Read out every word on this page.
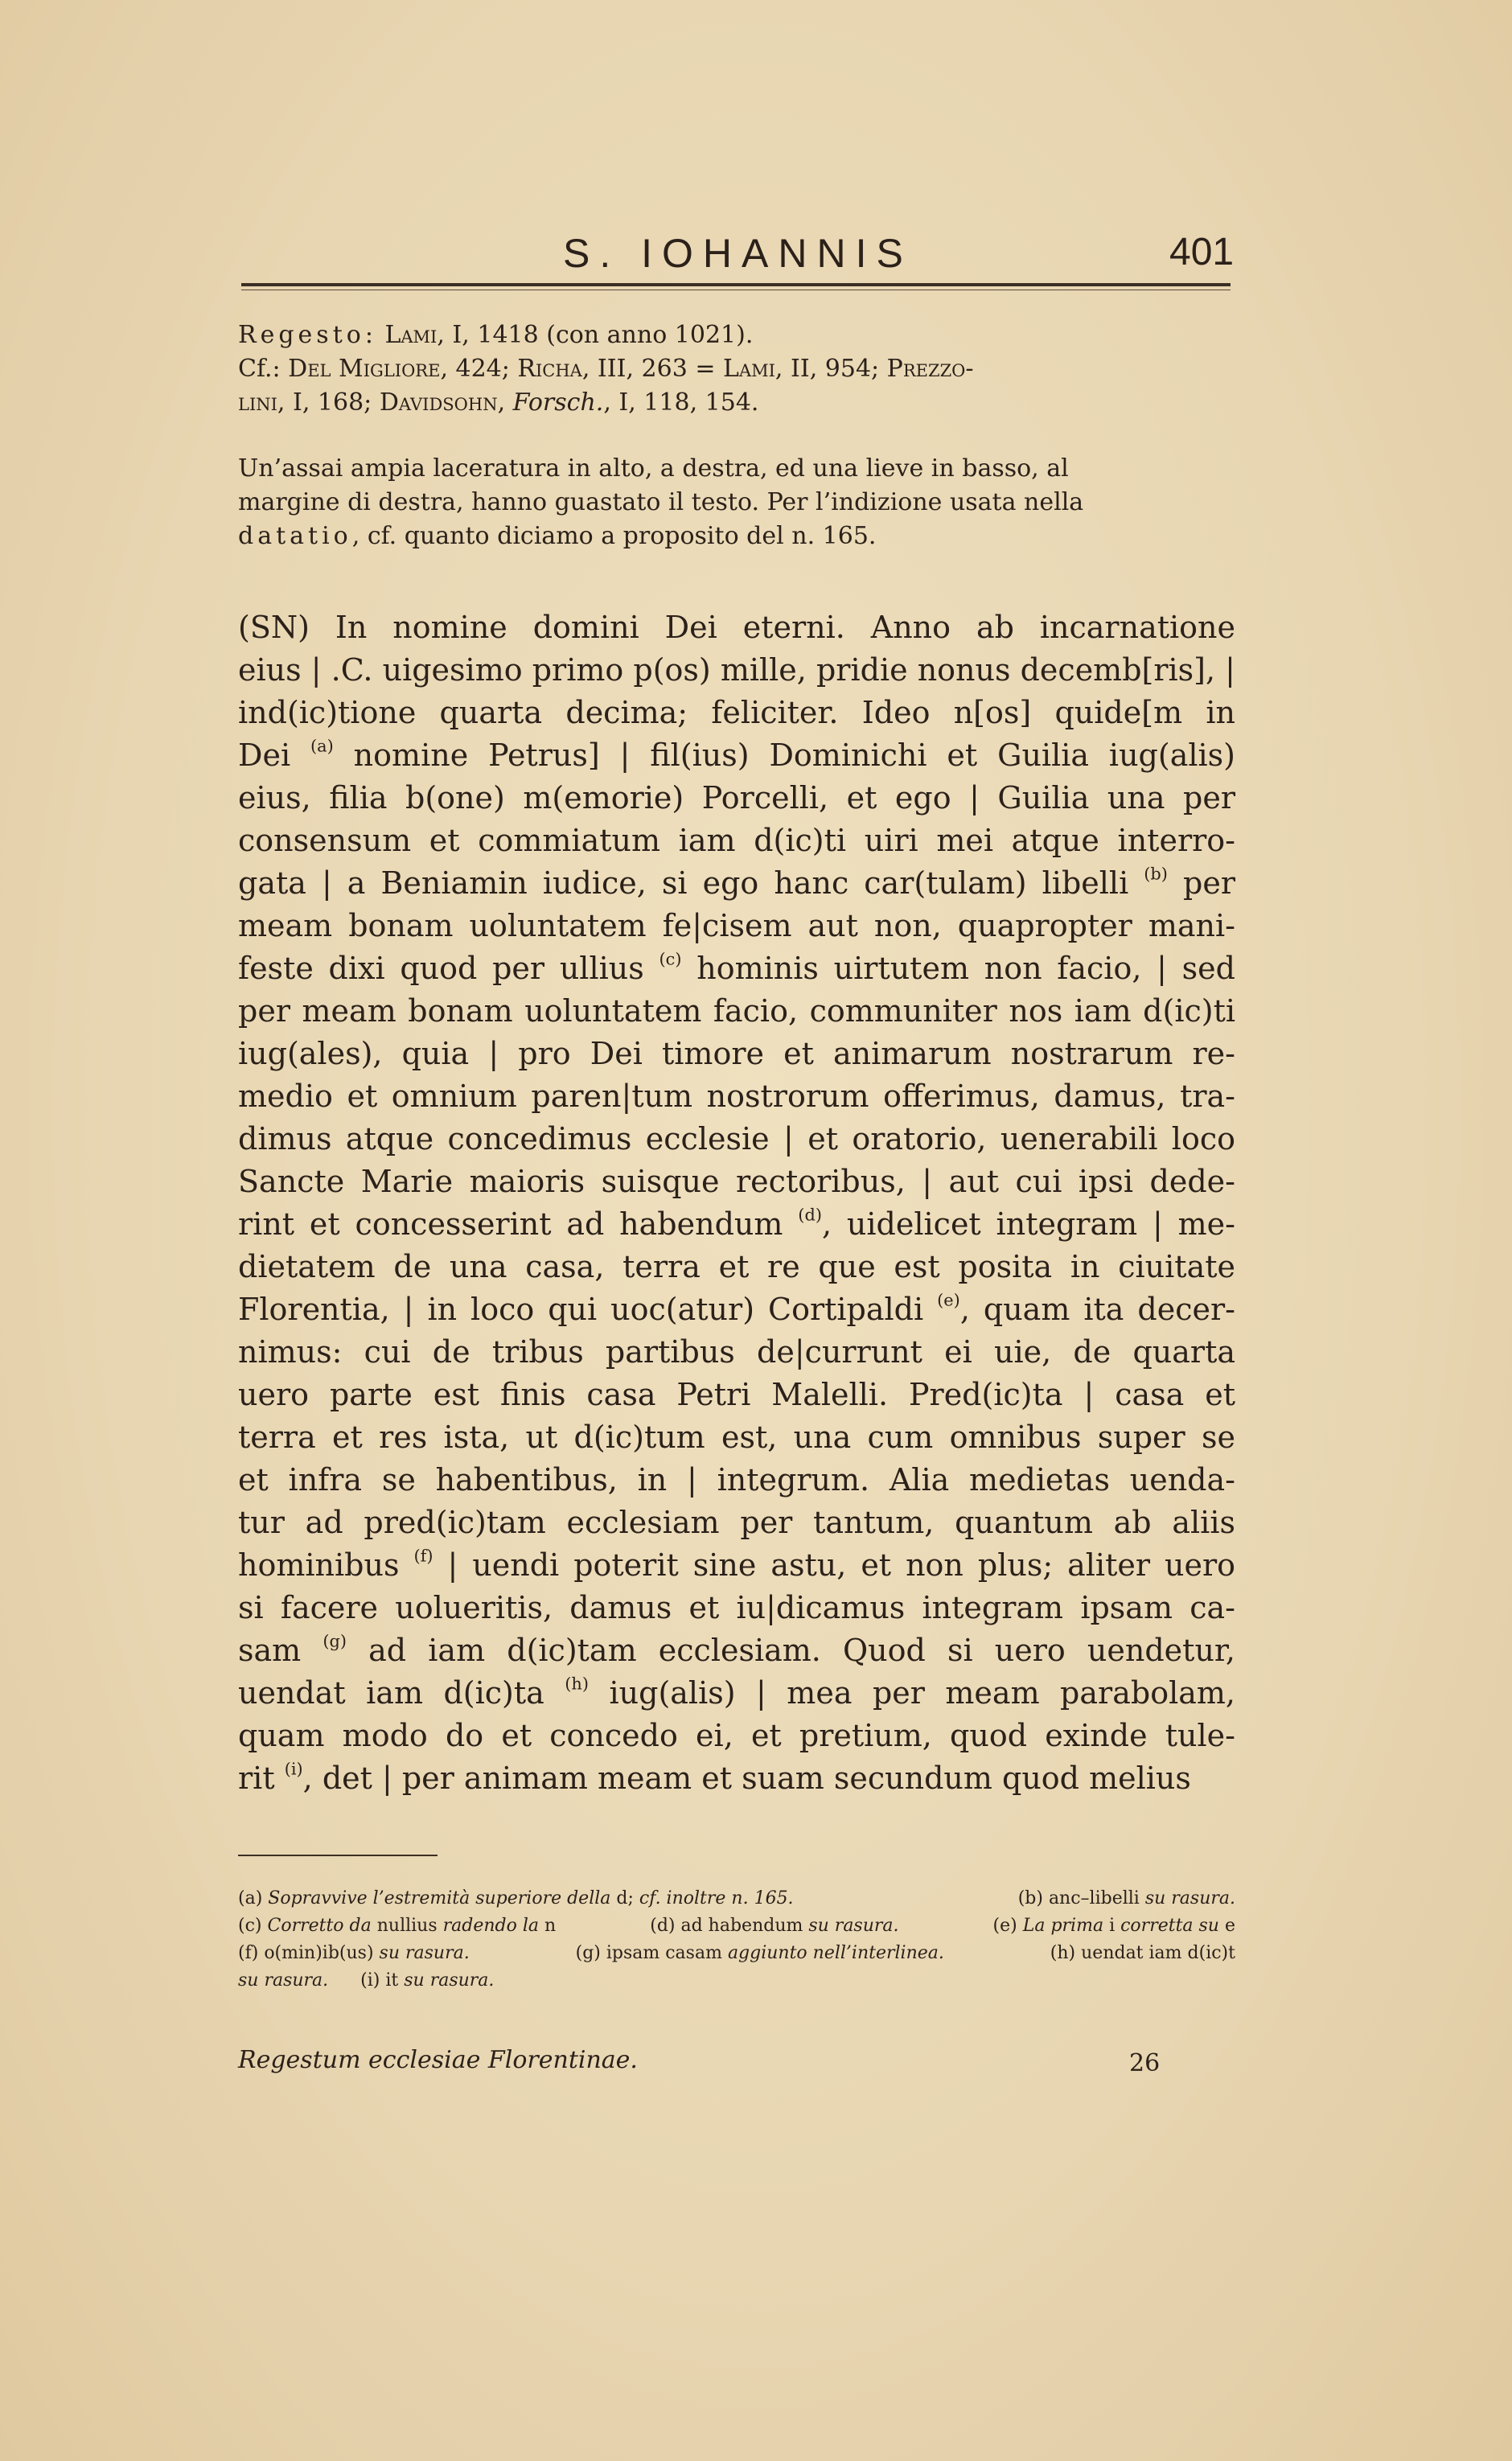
S. IOHANNIS	401
Regesto: Lami, I, 1418 (con anno 1021).
Cf.: Del Migliore, 424; Richa, III, 263 = Lami, II, 954; Prezzo-
lini, I, 168; Davidsohn, Forsch., I, 118, 154.
Un’assai ampia laceratura in alto, a destra, ed una lieve in basso, al
margine di destra, hanno guastato il testo. Per l’indizione usata nella
datatio, cf. quanto diciamo a proposito del n. 165.
(SN) In nomine domini Dei eterni. Anno ab incarnatione
eius | .C. uigesimo primo p(os) mille, pridie nonus decemb[ris], |
ind(ic)tione quarta decima; feliciter. Ideo n[os] quide[m in
Dei $^{(a)}$ nomine Petrus] | fil(ius) Dominichi et Guilia iug(alis)
eius, filia b(one) m(emorie) Porcelli, et ego | Guilia una per
consensum et commiatum iam d(ic)ti uiri mei atque interro-
gata | a Beniamin iudice, si ego hanc car(tulam) libelli $^{(b)}$ per
meam bonam uoluntatem fe|cisem aut non, quapropter mani-
feste dixi quod per ullius $^{(c)}$ hominis uirtutem non facio, | sed
per meam bonam uoluntatem facio, communiter nos iam d(ic)ti
iug(ales), quia | pro Dei timore et animarum nostrarum re-
medio et omnium paren|tum nostrorum offerimus, damus, tra-
dimus atque concedimus ecclesie | et oratorio, uenerabili loco
Sancte Marie maioris suisque rectoribus, | aut cui ipsi dede-
rint et concesserint ad habendum $^{(d)}$, uidelicet integram | me-
dietatem de una casa, terra et re que est posita in ciuitate
Florentia, | in loco qui uoc(atur) Cortipaldi $^{(e)}$, quam ita decer-
nimus: cui de tribus partibus de|currunt ei uie, de quarta
uero parte est finis casa Petri Malelli. Pred(ic)ta | casa et
terra et res ista, ut d(ic)tum est, una cum omnibus super se
et infra se habentibus, in | integrum. Alia medietas uenda-
tur ad pred(ic)tam ecclesiam per tantum, quantum ab aliis
hominibus $^{(f)}$ | uendi poterit sine astu, et non plus; aliter uero
si facere uolueritis, damus et iu|dicamus integram ipsam ca-
sam $^{(g)}$ ad iam d(ic)tam ecclesiam. Quod si uero uendetur,
uendat iam d(ic)ta $^{(h)}$ iug(alis) | mea per meam parabolam,
quam modo do et concedo ei, et pretium, quod exinde tule-
rit $^{(i)}$, det | per animam meam et suam secundum quod melius
(a) Sopravvive l’estremità superiore della d; cf. inoltre n. 165.	(b) anc–libelli su rasura.
(c) Corretto da nullius radendo la n	(d) ad habendum su rasura.	(e) La prima i corretta su e
(f) o(min)ib(us) su rasura.	(g) ipsam casam aggiunto nell’interlinea.	(h) uendat iam d(ic)t
su rasura. (i) it su rasura.
Regestum ecclesiae Florentinae.	26
